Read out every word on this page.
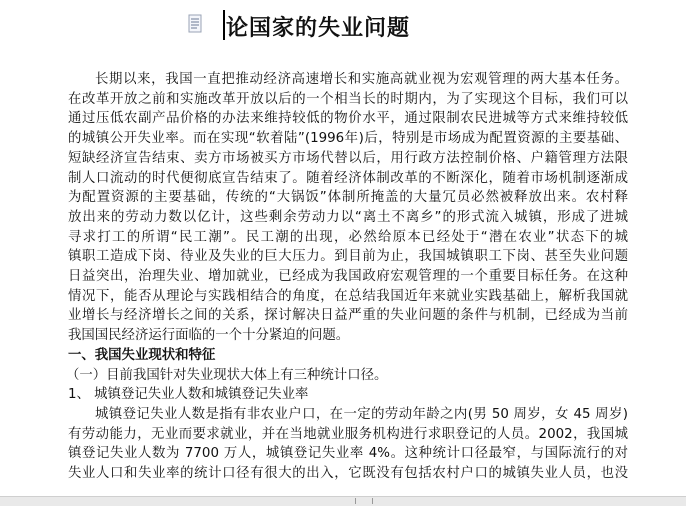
论国家的失业问题
长期以来，我国一直把推动经济高速增长和实施高就业视为宏观管理的两大基本任务。
在改革开放之前和实施改革开放以后的一个相当长的时期内，为了实现这个目标，我们可以
通过压低农副产品价格的办法来维持较低的物价水平，通过限制农民进城等方式来维持较低
的城镇公开失业率。而在实现“软着陆”(1996年)后，特别是市场成为配置资源的主要基础、
短缺经济宣告结束、卖方市场被买方市场代替以后，用行政方法控制价格、户籍管理方法限
制人口流动的时代便彻底宣告结束了。随着经济体制改革的不断深化，随着市场机制逐渐成
为配置资源的主要基础，传统的“大锅饭”体制所掩盖的大量冗员必然被释放出来。农村释
放出来的劳动力数以亿计，这些剩余劳动力以“离土不离乡”的形式流入城镇，形成了进城
寻求打工的所谓“民工潮”。民工潮的出现，必然给原本已经处于“潜在农业”状态下的城
镇职工造成下岗、待业及失业的巨大压力。到目前为止，我国城镇职工下岗、甚至失业问题
日益突出，治理失业、增加就业，已经成为我国政府宏观管理的一个重要目标任务。在这种
情况下，能否从理论与实践相结合的角度，在总结我国近年来就业实践基础上，解析我国就
业增长与经济增长之间的关系，探讨解决日益严重的失业问题的条件与机制，已经成为当前
我国国民经济运行面临的一个十分紧迫的问题。
一、我国失业现状和特征
（一）目前我国针对失业现状大体上有三种统计口径。
1、 城镇登记失业人数和城镇登记失业率
城镇登记失业人数是指有非农业户口，在一定的劳动年龄之内(男 50 周岁，女 45 周岁)
有劳动能力，无业而要求就业，并在当地就业服务机构进行求职登记的人员。2002，我国城
镇登记失业人数为 7700 万人，城镇登记失业率 4%。这种统计口径最窄，与国际流行的对
失业人口和失业率的统计口径有很大的出入，它既没有包括农村户口的城镇失业人员，也没
